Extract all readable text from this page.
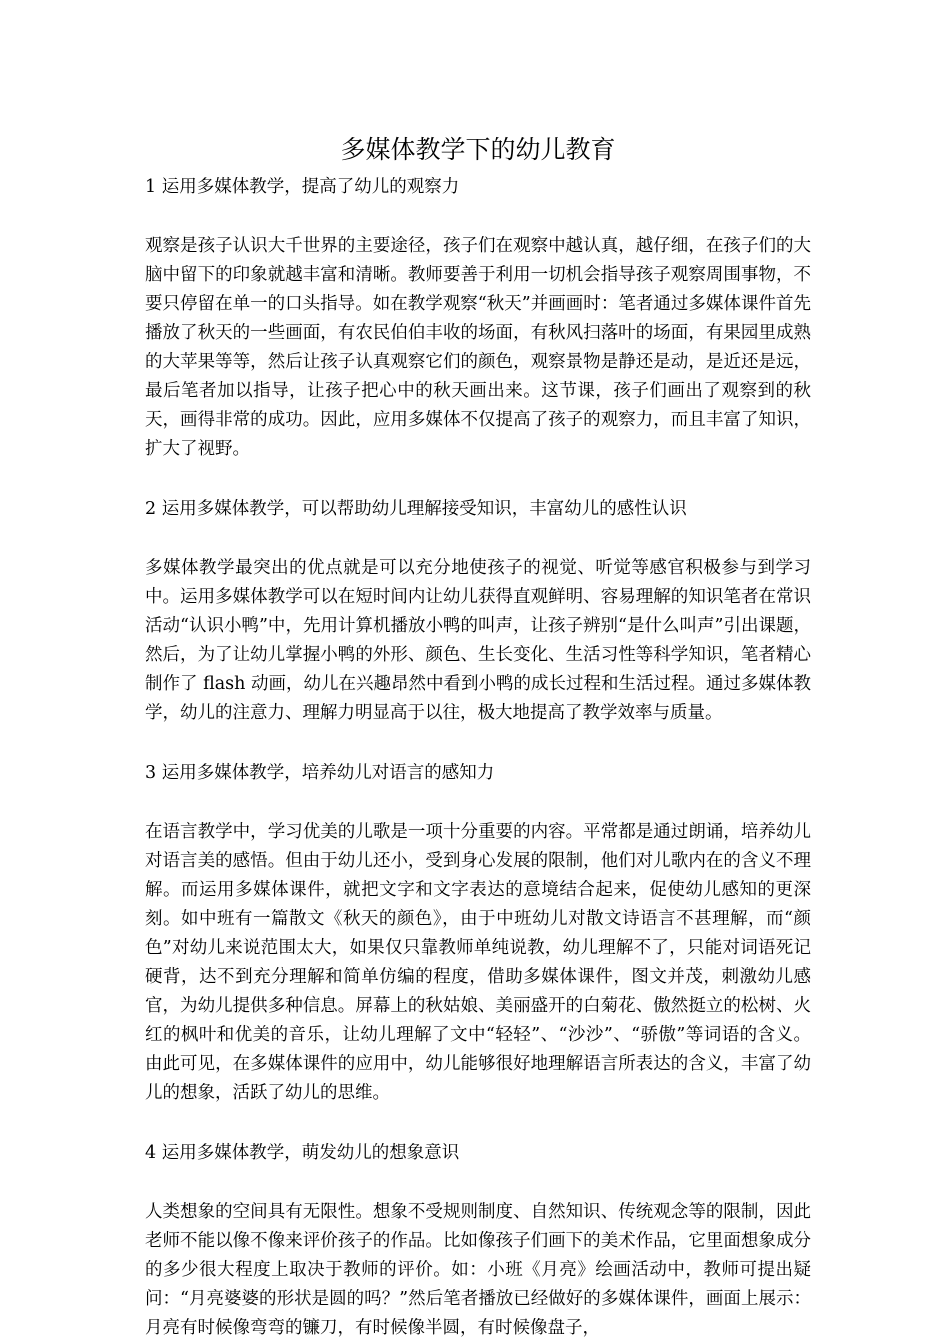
多媒体教学下的幼儿教育

1 运用多媒体教学，提高了幼儿的观察力

观察是孩子认识大千世界的主要途径，孩子们在观察中越认真，越仔细，在孩子们的大脑中留下的印象就越丰富和清晰。教师要善于利用一切机会指导孩子观察周围事物，不要只停留在单一的口头指导。如在教学观察“秋天”并画画时：笔者通过多媒体课件首先播放了秋天的一些画面，有农民伯伯丰收的场面，有秋风扫落叶的场面，有果园里成熟的大苹果等等，然后让孩子认真观察它们的颜色，观察景物是静还是动，是近还是远，最后笔者加以指导，让孩子把心中的秋天画出来。这节课，孩子们画出了观察到的秋天，画得非常的成功。因此，应用多媒体不仅提高了孩子的观察力，而且丰富了知识，扩大了视野。

2 运用多媒体教学，可以帮助幼儿理解接受知识，丰富幼儿的感性认识

多媒体教学最突出的优点就是可以充分地使孩子的视觉、听觉等感官积极参与到学习中。运用多媒体教学可以在短时间内让幼儿获得直观鲜明、容易理解的知识笔者在常识活动“认识小鸭”中，先用计算机播放小鸭的叫声，让孩子辨别“是什么叫声”引出课题，然后，为了让幼儿掌握小鸭的外形、颜色、生长变化、生活习性等科学知识，笔者精心制作了 flash 动画，幼儿在兴趣昂然中看到小鸭的成长过程和生活过程。通过多媒体教学，幼儿的注意力、理解力明显高于以往，极大地提高了教学效率与质量。

3 运用多媒体教学，培养幼儿对语言的感知力

在语言教学中，学习优美的儿歌是一项十分重要的内容。平常都是通过朗诵，培养幼儿对语言美的感悟。但由于幼儿还小，受到身心发展的限制，他们对儿歌内在的含义不理解。而运用多媒体课件，就把文字和文字表达的意境结合起来，促使幼儿感知的更深刻。如中班有一篇散文《秋天的颜色》，由于中班幼儿对散文诗语言不甚理解，而“颜色”对幼儿来说范围太大，如果仅只靠教师单纯说教，幼儿理解不了，只能对词语死记硬背，达不到充分理解和简单仿编的程度，借助多媒体课件，图文并茂，刺激幼儿感官，为幼儿提供多种信息。屏幕上的秋姑娘、美丽盛开的白菊花、傲然挺立的松树、火红的枫叶和优美的音乐，让幼儿理解了文中“轻轻”、“沙沙”、“骄傲”等词语的含义。由此可见，在多媒体课件的应用中，幼儿能够很好地理解语言所表达的含义，丰富了幼儿的想象，活跃了幼儿的思维。

4 运用多媒体教学，萌发幼儿的想象意识

人类想象的空间具有无限性。想象不受规则制度、自然知识、传统观念等的限制，因此老师不能以像不像来评价孩子的作品。比如像孩子们画下的美术作品，它里面想象成分的多少很大程度上取决于教师的评价。如：小班《月亮》绘画活动中，教师可提出疑问：“月亮婆婆的形状是圆的吗？”然后笔者播放已经做好的多媒体课件，画面上展示：月亮有时候像弯弯的镰刀，有时候像半圆，有时候像盘子，
